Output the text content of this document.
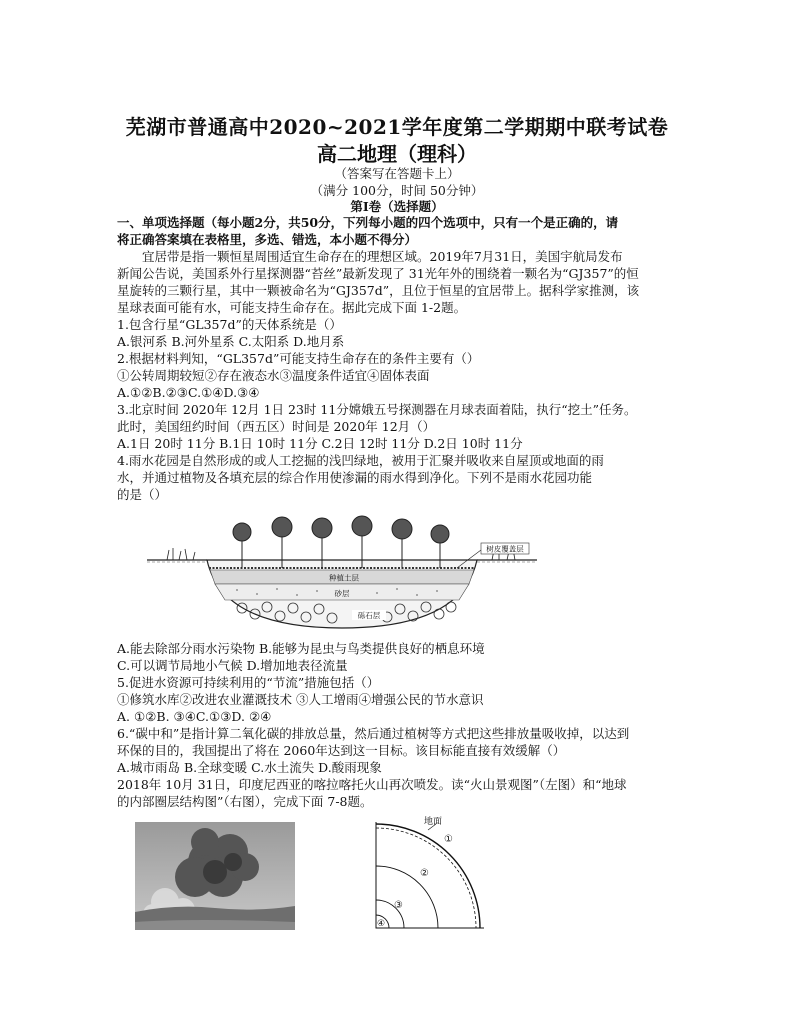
芜湖市普通高中2020~2021学年度第二学期期中联考试卷
高二地理（理科）
（答案写在答题卡上）
（满分 100分，时间 50分钟）
第I卷（选择题）
一、单项选择题（每小题2分，共50分，下列每小题的四个选项中，只有一个是正确的，请
将正确答案填在表格里，多选、错选，本小题不得分）
宜居带是指一颗恒星周围适宜生命存在的理想区域。2019年7月31日，美国宇航局发布
新闻公告说，美国系外行星探测器“苔丝”最新发现了 31光年外的围绕着一颗名为“GJ357”的恒
星旋转的三颗行星，其中一颗被命名为“GJ357d”，且位于恒星的宜居带上。据科学家推测，该
星球表面可能有水，可能支持生命存在。据此完成下面 1-2题。
1.包含行星“GL357d”的天体系统是（）
A.银河系 B.河外星系 C.太阳系 D.地月系
2.根据材料判知，“GL357d”可能支持生命存在的条件主要有（）
①公转周期较短②存在液态水③温度条件适宜④固体表面
A.①②B.②③C.①④D.③④
3.北京时间 2020年 12月 1日 23时 11分嫦娥五号探测器在月球表面着陆，执行“挖土”任务。
此时，美国纽约时间（西五区）时间是 2020年 12月（）
A.1日 20时 11分 B.1日 10时 11分 C.2日 12时 11分 D.2日 10时 11分
4.雨水花园是自然形成的或人工挖掘的浅凹绿地，被用于汇聚并吸收来自屋顶或地面的雨
水，并通过植物及各填充层的综合作用使渗漏的雨水得到净化。下列不是雨水花园功能
的是（）
种植土层
砂层
砾石层
树皮覆盖层
A.能去除部分雨水污染物 B.能够为昆虫与鸟类提供良好的栖息环境
C.可以调节局地小气候 D.增加地表径流量
5.促进水资源可持续利用的“节流”措施包括（）
①修筑水库②改进农业灌溉技术 ③人工增雨④增强公民的节水意识
A. ①②B. ③④C.①③D. ②④
6.“碳中和”是指计算二氧化碳的排放总量，然后通过植树等方式把这些排放量吸收掉，以达到
环保的目的，我国提出了将在 2060年达到这一目标。该目标能直接有效缓解（）
A.城市雨岛 B.全球变暖 C.水土流失 D.酸雨现象
2018年 10月 31日，印度尼西亚的喀拉喀托火山再次喷发。读“火山景观图”（左图）和“地球
的内部圈层结构图”（右图），完成下面 7-8题。
地面
①
②
③
④
